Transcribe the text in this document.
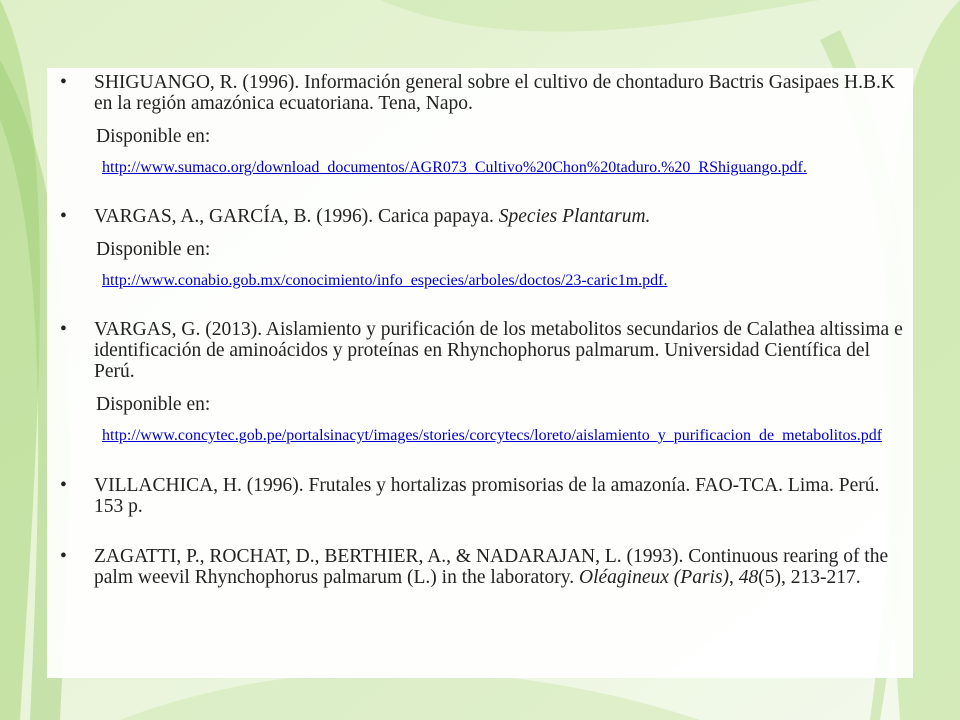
• SHIGUANGO, R. (1996). Información general sobre el cultivo de chontaduro Bactris Gasipaes H.B.K en la región amazónica ecuatoriana. Tena, Napo.
Disponible en:
http://www.sumaco.org/download_documentos/AGR073_Cultivo%20Chon%20taduro.%20_RShiguango.pdf.
• VARGAS, A., GARCÍA, B. (1996). Carica papaya. Species Plantarum.
Disponible en:
http://www.conabio.gob.mx/conocimiento/info_especies/arboles/doctos/23-caric1m.pdf.
• VARGAS, G. (2013). Aislamiento y purificación de los metabolitos secundarios de Calathea altissima e identificación de aminoácidos y proteínas en Rhynchophorus palmarum. Universidad Científica del Perú.
Disponible en:
http://www.concytec.gob.pe/portalsinacyt/images/stories/corcytecs/loreto/aislamiento_y_purificacion_de_metabolitos.pdf
• VILLACHICA, H. (1996). Frutales y hortalizas promisorias de la amazonía. FAO-TCA. Lima. Perú. 153 p.
• ZAGATTI, P., ROCHAT, D., BERTHIER, A., & NADARAJAN, L. (1993). Continuous rearing of the palm weevil Rhynchophorus palmarum (L.) in the laboratory. Oléagineux (Paris), 48(5), 213-217.
